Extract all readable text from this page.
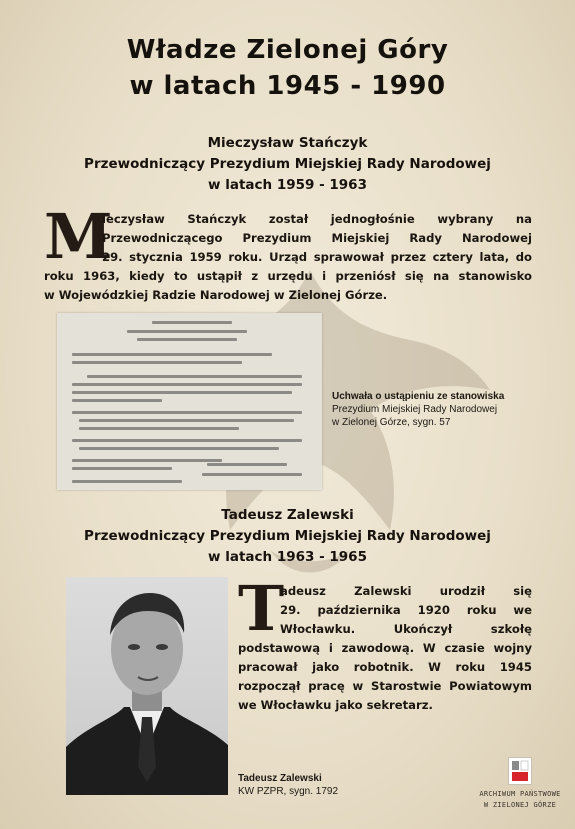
Władze Zielonej Góry
w latach 1945 - 1990
Mieczysław Stańczyk
Przewodniczący Prezydium Miejskiej Rady Narodowej
w latach 1959 - 1963
M
ieczysław Stańczyk został jednogłośnie wybrany na
Przewodniczącego Prezydium Miejskiej Rady Narodowej
29. stycznia 1959 roku. Urząd sprawował przez cztery lata, do
roku 1963, kiedy to ustąpił z urzędu i przeniósł się na stanowisko
w Wojewódzkiej Radzie Narodowej w Zielonej Górze.
Uchwała o ustąpieniu ze stanowiska
Prezydium Miejskiej Rady Narodowej
w Zielonej Górze, sygn. 57
Tadeusz Zalewski
Przewodniczący Prezydium Miejskiej Rady Narodowej
w latach 1963 - 1965
T
adeusz Zalewski urodził się
29. października 1920 roku we
Włocławku. Ukończył szkołę
podstawową i zawodową. W czasie wojny
pracował jako robotnik. W roku 1945
rozpoczął pracę w Starostwie Powiatowym
we Włocławku jako sekretarz.
Tadeusz Zalewski
KW PZPR, sygn. 1792	ARCHIWUM PAŃSTWOWE
W ZIELONEJ GÓRZE
